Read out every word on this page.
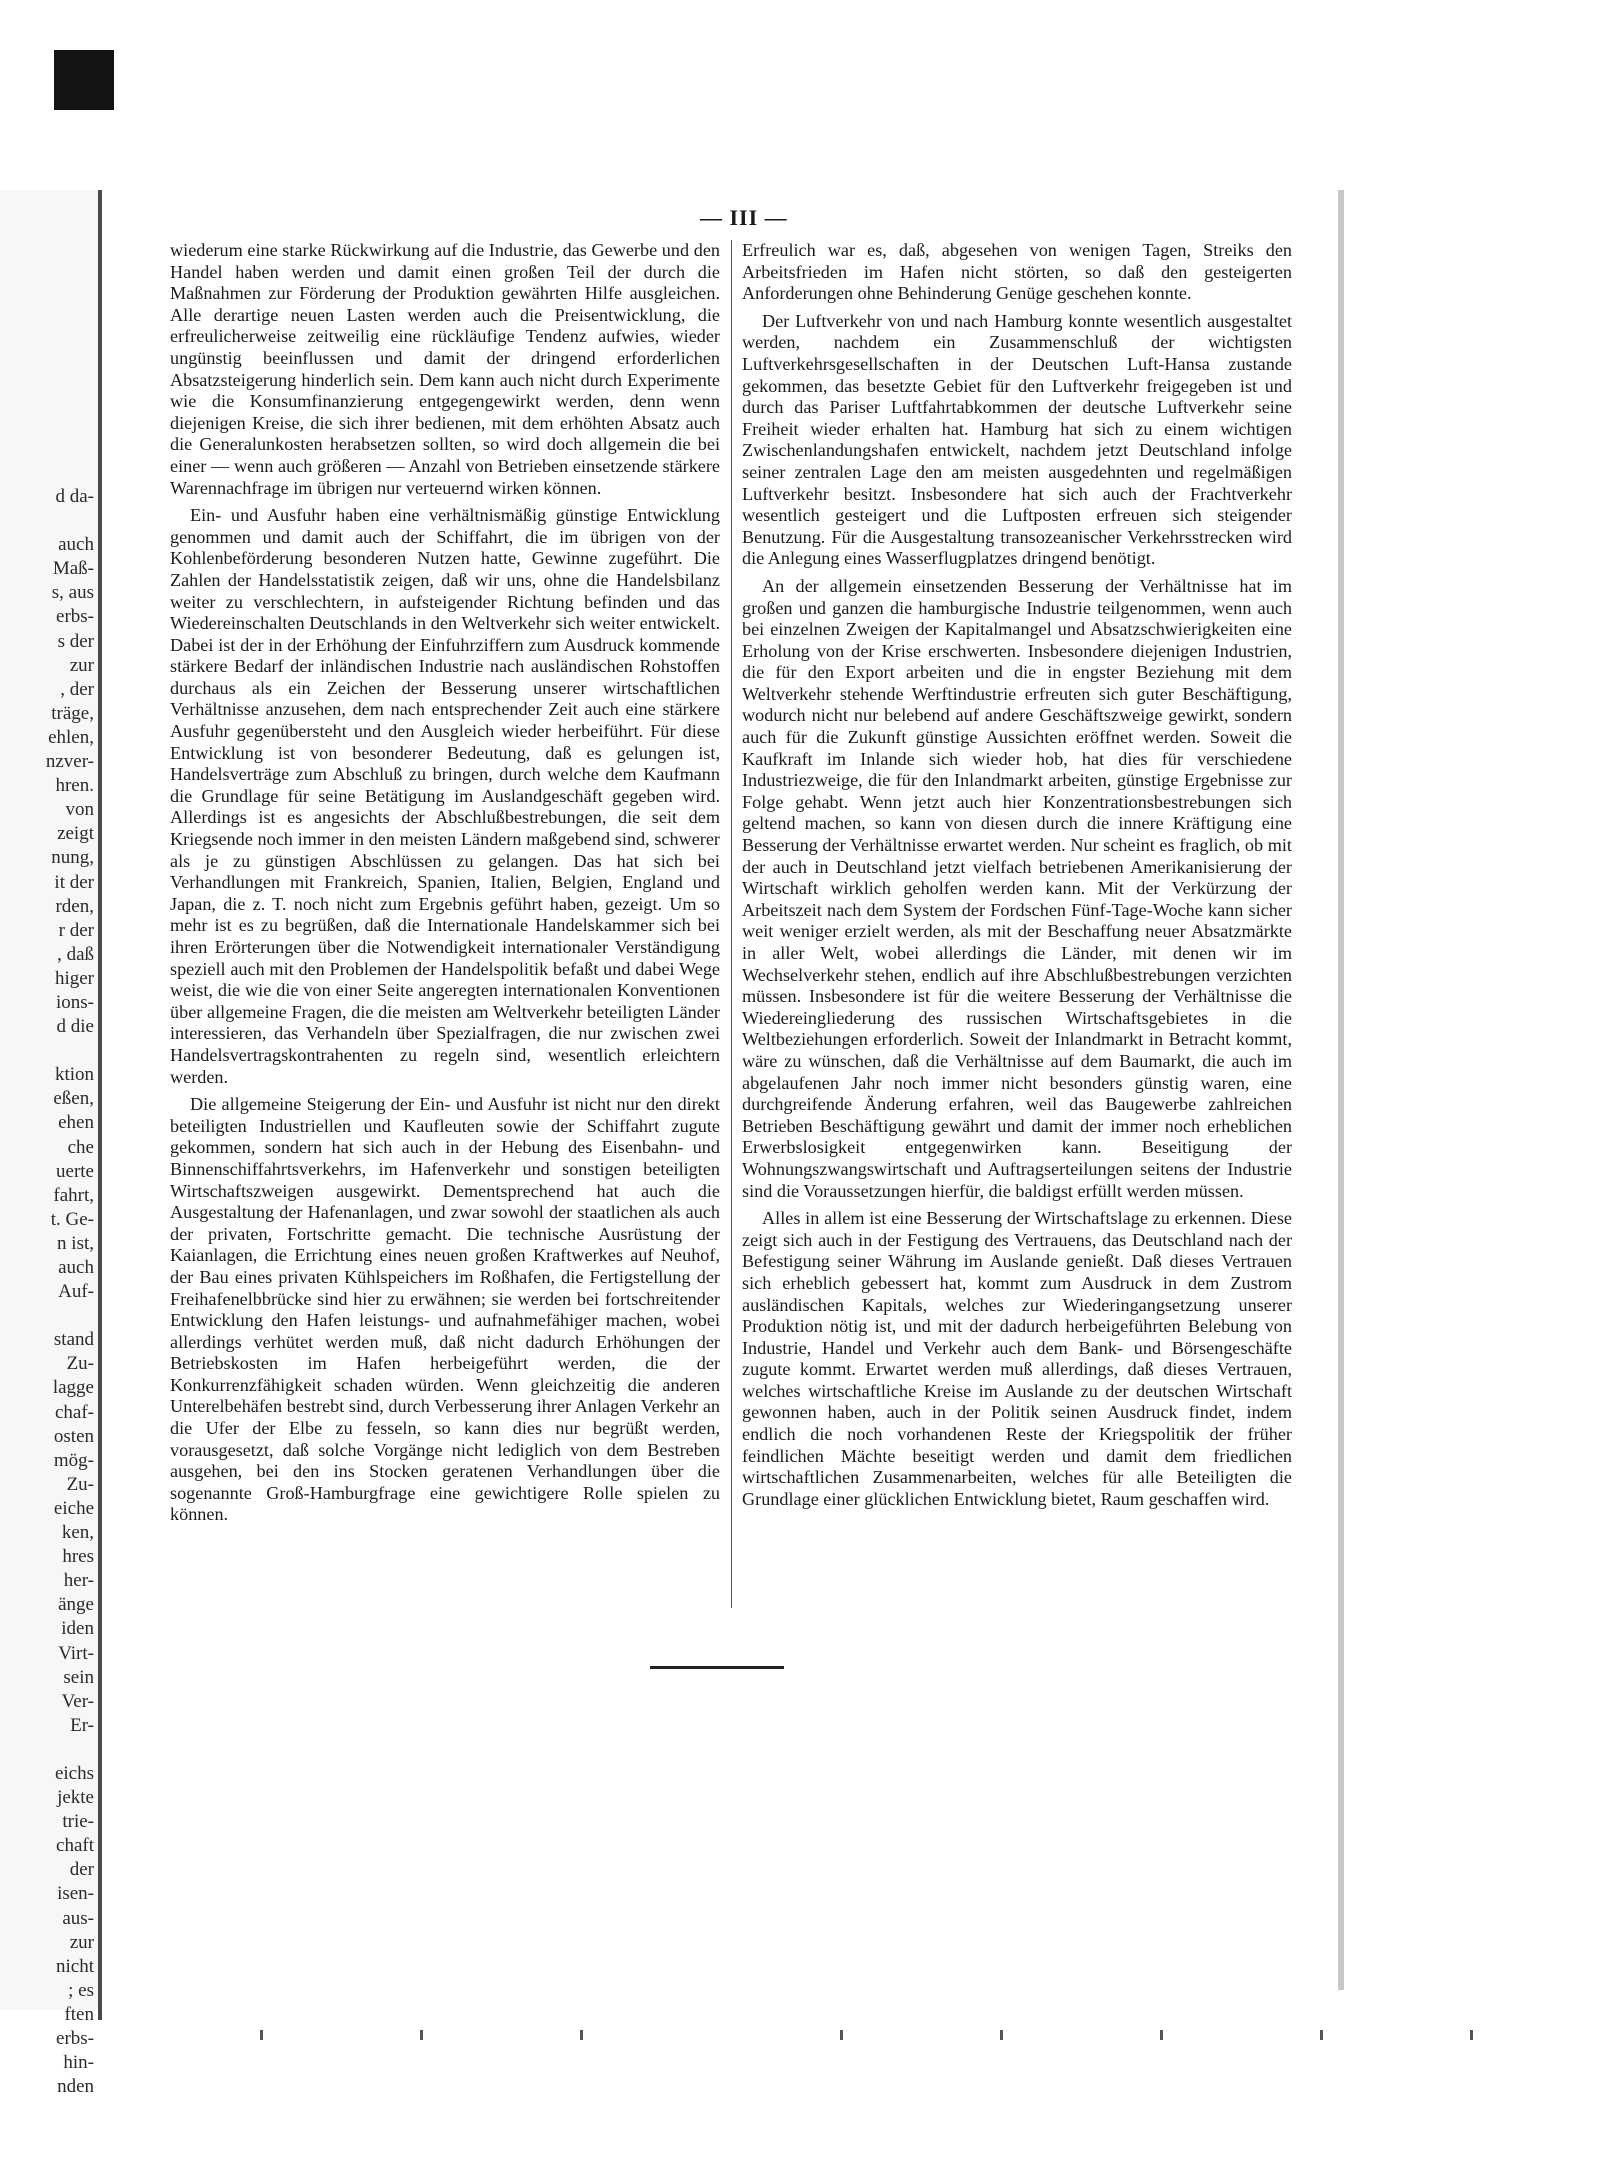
d da-

auch
Maß-
s, aus
erbs-
s der
zur
, der
träge,
ehlen,
nzver-
hren.
von
zeigt
nung,
it der
rden,
r der
, daß
higer
ions-
d die

ktion
eßen,
ehen
che
uerte
fahrt,
t. Ge-
n ist,
auch
Auf-

stand
Zu-
lagge
chaf-
osten
mög-
Zu-
eiche
ken,
hres
her-
änge
iden
Virt-
sein
Ver-
Er-

eichs
jekte
trie-
chaft
der
isen-
aus-
zur
nicht
; es
ften
erbs-
hin-
nden
— III —

wiederum eine starke Rückwirkung auf die Industrie, das Gewerbe und den Handel haben werden und damit einen großen Teil der durch die Maßnahmen zur Förderung der Produktion gewährten Hilfe ausgleichen. Alle derartige neuen Lasten werden auch die Preisentwicklung, die erfreulicherweise zeitweilig eine rückläufige Tendenz aufwies, wieder ungünstig beeinflussen und damit der dringend erforderlichen Absatzsteigerung hinderlich sein. Dem kann auch nicht durch Experimente wie die Konsumfinanzierung entgegengewirkt werden, denn wenn diejenigen Kreise, die sich ihrer bedienen, mit dem erhöhten Absatz auch die Generalunkosten herabsetzen sollten, so wird doch allgemein die bei einer — wenn auch größeren — Anzahl von Betrieben einsetzende stärkere Warennachfrage im übrigen nur verteuernd wirken können.

Ein- und Ausfuhr haben eine verhältnismäßig günstige Entwicklung genommen und damit auch der Schiffahrt, die im übrigen von der Kohlenbeförderung besonderen Nutzen hatte, Gewinne zugeführt. Die Zahlen der Handelsstatistik zeigen, daß wir uns, ohne die Handelsbilanz weiter zu verschlechtern, in aufsteigender Richtung befinden und das Wiedereinschalten Deutschlands in den Weltverkehr sich weiter entwickelt. Dabei ist der in der Erhöhung der Einfuhrziffern zum Ausdruck kommende stärkere Bedarf der inländischen Industrie nach ausländischen Rohstoffen durchaus als ein Zeichen der Besserung unserer wirtschaftlichen Verhältnisse anzusehen, dem nach entsprechender Zeit auch eine stärkere Ausfuhr gegenübersteht und den Ausgleich wieder herbeiführt. Für diese Entwicklung ist von besonderer Bedeutung, daß es gelungen ist, Handelsverträge zum Abschluß zu bringen, durch welche dem Kaufmann die Grundlage für seine Betätigung im Auslandgeschäft gegeben wird. Allerdings ist es angesichts der Abschlußbestrebungen, die seit dem Kriegsende noch immer in den meisten Ländern maßgebend sind, schwerer als je zu günstigen Abschlüssen zu gelangen. Das hat sich bei Verhandlungen mit Frankreich, Spanien, Italien, Belgien, England und Japan, die z. T. noch nicht zum Ergebnis geführt haben, gezeigt. Um so mehr ist es zu begrüßen, daß die Internationale Handelskammer sich bei ihren Erörterungen über die Notwendigkeit internationaler Verständigung speziell auch mit den Problemen der Handelspolitik befaßt und dabei Wege weist, die wie die von einer Seite angeregten internationalen Konventionen über allgemeine Fragen, die die meisten am Weltverkehr beteiligten Länder interessieren, das Verhandeln über Spezialfragen, die nur zwischen zwei Handelsvertragskontrahenten zu regeln sind, wesentlich erleichtern werden.

Die allgemeine Steigerung der Ein- und Ausfuhr ist nicht nur den direkt beteiligten Industriellen und Kaufleuten sowie der Schiffahrt zugute gekommen, sondern hat sich auch in der Hebung des Eisenbahn- und Binnenschiffahrtsverkehrs, im Hafenverkehr und sonstigen beteiligten Wirtschaftszweigen ausgewirkt. Dementsprechend hat auch die Ausgestaltung der Hafenanlagen, und zwar sowohl der staatlichen als auch der privaten, Fortschritte gemacht. Die technische Ausrüstung der Kaianlagen, die Errichtung eines neuen großen Kraftwerkes auf Neuhof, der Bau eines privaten Kühlspeichers im Roßhafen, die Fertigstellung der Freihafenelbbrücke sind hier zu erwähnen; sie werden bei fortschreitender Entwicklung den Hafen leistungs- und aufnahmefähiger machen, wobei allerdings verhütet werden muß, daß nicht dadurch Erhöhungen der Betriebskosten im Hafen herbeigeführt werden, die der Konkurrenzfähigkeit schaden würden. Wenn gleichzeitig die anderen Unterelbehäfen bestrebt sind, durch Verbesserung ihrer Anlagen Verkehr an die Ufer der Elbe zu fesseln, so kann dies nur begrüßt werden, vorausgesetzt, daß solche Vorgänge nicht lediglich von dem Bestreben ausgehen, bei den ins Stocken geratenen Verhandlungen über die sogenannte Groß-Hamburgfrage eine gewichtigere Rolle spielen zu können.

Erfreulich war es, daß, abgesehen von wenigen Tagen, Streiks den Arbeitsfrieden im Hafen nicht störten, so daß den gesteigerten Anforderungen ohne Behinderung Genüge geschehen konnte.

Der Luftverkehr von und nach Hamburg konnte wesentlich ausgestaltet werden, nachdem ein Zusammenschluß der wichtigsten Luftverkehrsgesellschaften in der Deutschen Luft-Hansa zustande gekommen, das besetzte Gebiet für den Luftverkehr freigegeben ist und durch das Pariser Luftfahrtabkommen der deutsche Luftverkehr seine Freiheit wieder erhalten hat. Hamburg hat sich zu einem wichtigen Zwischenlandungshafen entwickelt, nachdem jetzt Deutschland infolge seiner zentralen Lage den am meisten ausgedehnten und regelmäßigen Luftverkehr besitzt. Insbesondere hat sich auch der Frachtverkehr wesentlich gesteigert und die Luftposten erfreuen sich steigender Benutzung. Für die Ausgestaltung transozeanischer Verkehrsstrecken wird die Anlegung eines Wasserflugplatzes dringend benötigt.

An der allgemein einsetzenden Besserung der Verhältnisse hat im großen und ganzen die hamburgische Industrie teilgenommen, wenn auch bei einzelnen Zweigen der Kapitalmangel und Absatzschwierigkeiten eine Erholung von der Krise erschwerten. Insbesondere diejenigen Industrien, die für den Export arbeiten und die in engster Beziehung mit dem Weltverkehr stehende Werftindustrie erfreuten sich guter Beschäftigung, wodurch nicht nur belebend auf andere Geschäftszweige gewirkt, sondern auch für die Zukunft günstige Aussichten eröffnet werden. Soweit die Kaufkraft im Inlande sich wieder hob, hat dies für verschiedene Industriezweige, die für den Inlandmarkt arbeiten, günstige Ergebnisse zur Folge gehabt. Wenn jetzt auch hier Konzentrationsbestrebungen sich geltend machen, so kann von diesen durch die innere Kräftigung eine Besserung der Verhältnisse erwartet werden. Nur scheint es fraglich, ob mit der auch in Deutschland jetzt vielfach betriebenen Amerikanisierung der Wirtschaft wirklich geholfen werden kann. Mit der Verkürzung der Arbeitszeit nach dem System der Fordschen Fünf-Tage-Woche kann sicher weit weniger erzielt werden, als mit der Beschaffung neuer Absatzmärkte in aller Welt, wobei allerdings die Länder, mit denen wir im Wechselverkehr stehen, endlich auf ihre Abschlußbestrebungen verzichten müssen. Insbesondere ist für die weitere Besserung der Verhältnisse die Wiedereingliederung des russischen Wirtschaftsgebietes in die Weltbeziehungen erforderlich. Soweit der Inlandmarkt in Betracht kommt, wäre zu wünschen, daß die Verhältnisse auf dem Baumarkt, die auch im abgelaufenen Jahr noch immer nicht besonders günstig waren, eine durchgreifende Änderung erfahren, weil das Baugewerbe zahlreichen Betrieben Beschäftigung gewährt und damit der immer noch erheblichen Erwerbslosigkeit entgegenwirken kann. Beseitigung der Wohnungszwangswirtschaft und Auftragserteilungen seitens der Industrie sind die Voraussetzungen hierfür, die baldigst erfüllt werden müssen.

Alles in allem ist eine Besserung der Wirtschaftslage zu erkennen. Diese zeigt sich auch in der Festigung des Vertrauens, das Deutschland nach der Befestigung seiner Währung im Auslande genießt. Daß dieses Vertrauen sich erheblich gebessert hat, kommt zum Ausdruck in dem Zustrom ausländischen Kapitals, welches zur Wiederingangsetzung unserer Produktion nötig ist, und mit der dadurch herbeigeführten Belebung von Industrie, Handel und Verkehr auch dem Bank- und Börsengeschäfte zugute kommt. Erwartet werden muß allerdings, daß dieses Vertrauen, welches wirtschaftliche Kreise im Auslande zu der deutschen Wirtschaft gewonnen haben, auch in der Politik seinen Ausdruck findet, indem endlich die noch vorhandenen Reste der Kriegspolitik der früher feindlichen Mächte beseitigt werden und damit dem friedlichen wirtschaftlichen Zusammenarbeiten, welches für alle Beteiligten die Grundlage einer glücklichen Entwicklung bietet, Raum geschaffen wird.
